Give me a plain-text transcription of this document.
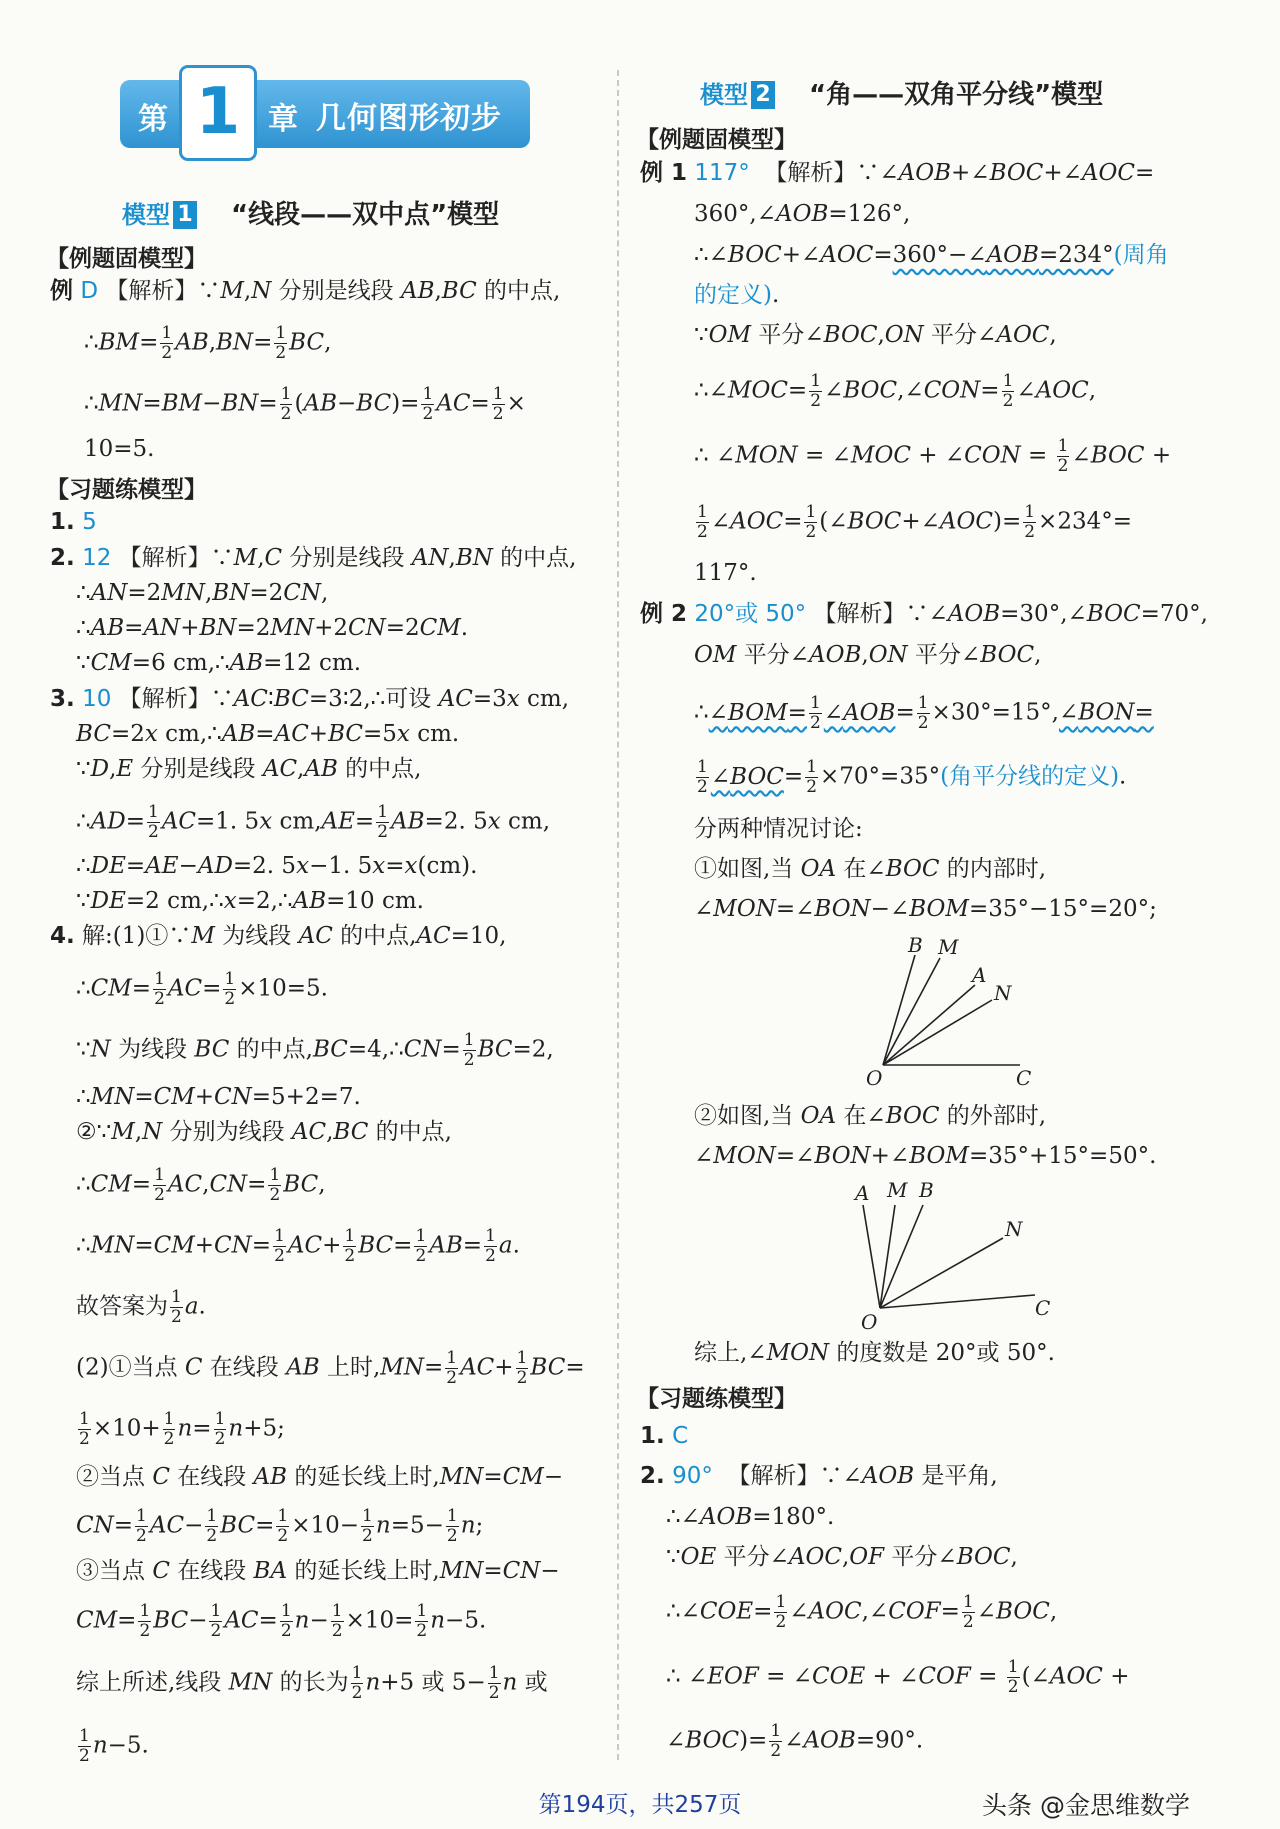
第 1 章 几何图形初步
模型 1 “线段——双中点”模型
【例题固模型】
例 D 【解析】∵M,N 分别是线段 AB,BC 的中点,
∴BM= $\frac{1}{2} AB,BN= \frac{1}{2}$ BC,
∴MN=BM−BN= $\frac{1}{2} (AB-BC)= \frac{1}{2} AC= \frac{1}{2}$ ×
10=5.
【习题练模型】
1. 5
2. 12 【解析】∵M,C 分别是线段 AN,BN 的中点,
∴AN=2MN,BN=2CN,
∴AB=AN+BN=2MN+2CN=2CM.
∵CM=6 cm,∴AB=12 cm.
3. 10 【解析】∵AC∶BC=3∶2,∴可设 AC=3x cm,
BC=2x cm,∴AB=AC+BC=5x cm.
∵D,E 分别是线段 AC,AB 的中点,
∴AD= $\frac{1}{2} AC=1$. 5x $cm,AE= \frac{1}{2} AB=2$. 5x cm,
∴DE=AE−AD=2. 5x−1. 5x=x(cm).
∵DE=2 cm,∴x=2,∴AB=10 cm.
4. 解:(1)①∵M 为线段 AC 的中点,AC=10,
∴CM= $\frac{1}{2} AC= \frac{1}{2} \times 10=5$.
∵N 为线段 BC 的中点,BC=4,∴CN= $\frac{1}{2} BC=2$,
∴MN=CM+CN=5+2=7.
②∵M,N 分别为线段 AC,BC 的中点,
∴CM= $\frac{1}{2} AC,CN= \frac{1}{2}$ BC,
∴MN=CM+CN= $\frac{1}{2} AC+ \frac{1}{2} BC= \frac{1}{2} AB= \frac{1}{2} a$.
故答案为 $\frac{1}{2} a$.
(2)①当点 C 在线段 AB 上时$,MN= \frac{1}{2} AC+ \frac{1}{2} BC=$
$\frac{1}{2} \times 10+ \frac{1}{2} n= \frac{1}{2} n+5$;
②当点 C 在线段 AB 的延长线上时,MN=CM−
$CN= \frac{1}{2} AC- \frac{1}{2} BC= \frac{1}{2} \times 10- \frac{1}{2} n=5- \frac{1}{2} n$;
③当点 C 在线段 BA 的延长线上时,MN=CN−
$CM= \frac{1}{2} BC- \frac{1}{2} AC= \frac{1}{2} n- \frac{1}{2} \times 10= \frac{1}{2} n-5$.
综上所述,线段 MN 的长为 $\frac{1}{2} n+5$ 或 $5- \frac{1}{2}$ n 或
$\frac{1}{2} n-5$.
模型 2 “角——双角平分线”模型
【例题固模型】
例 1 117°  【解析】∵∠AOB+∠BOC+∠AOC=
360°,∠AOB=126°,
∴∠BOC+∠AOC=360°−∠AOB=234°(周角
的定义).
∵OM 平分∠BOC,ON 平分∠AOC,
∴∠MOC= $\frac{1}{2}$ ∠BOC,∠CON= $\frac{1}{2}$ ∠AOC,
∴ ∠MON = ∠MOC + ∠CON = $\frac{1}{2}$ ∠BOC +
$\frac{1}{2}$ ∠AOC= $\frac{1}{2}$ (∠BOC+∠AOC)= $\frac{1}{2} \times 234^\circ=$
117°.
例 2 20°或 50° 【解析】∵∠AOB=30°,∠BOC=70°,
OM 平分∠AOB,ON 平分∠BOC,
∴∠BOM= $\frac{1}{2}$ ∠AOB= $\frac{1}{2}$ ×30°=15°,∠BON=
$\frac{1}{2}$ ∠BOC= $\frac{1}{2} \times 70^\circ=35^\circ$(角平分线的定义).
分两种情况讨论:
①如图,当 OA 在∠BOC 的内部时,
∠MON=∠BON−∠BOM=35°−15°=20°;
B M
A
N
O	C
②如图,当 OA 在∠BOC 的外部时,
∠MON=∠BON+∠BOM=35°+15°=50°.
A M B
N
O
C
综上,∠MON 的度数是 20°或 50°.
【习题练模型】
1. C
2. 90°  【解析】∵∠AOB 是平角,
∴∠AOB=180°.
∵OE 平分∠AOC,OF 平分∠BOC,
∴∠COE= $\frac{1}{2}$ ∠AOC,∠COF= $\frac{1}{2}$ ∠BOC,
∴ ∠EOF = ∠COE + ∠COF = $\frac{1}{2}$ (∠AOC +
∠BOC)= $\frac{1}{2}$ ∠AOB=90°.
第194页，共257页	头条 @金思维数学
